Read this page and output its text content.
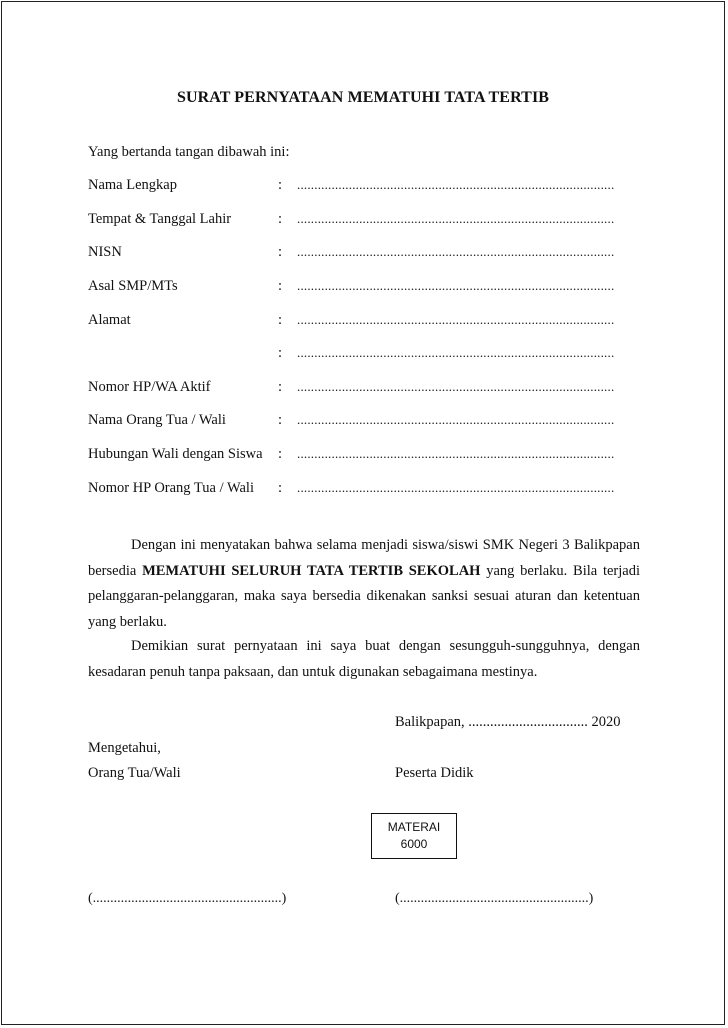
SURAT PERNYATAAN MEMATUHI TATA TERTIB
Yang bertanda tangan dibawah ini:
Nama Lengkap	: ............................................................................................
Tempat & Tanggal Lahir	: ............................................................................................
NISN	: ............................................................................................
Asal SMP/MTs	: ............................................................................................
Alamat	: ............................................................................................
: ............................................................................................
Nomor HP/WA Aktif	: ............................................................................................
Nama Orang Tua / Wali	: ............................................................................................
Hubungan Wali dengan Siswa : ............................................................................................
Nomor HP Orang Tua / Wali : ............................................................................................
Dengan ini menyatakan bahwa selama menjadi siswa/siswi SMK Negeri 3 Balikpapan bersedia MEMATUHI SELURUH TATA TERTIB SEKOLAH yang berlaku. Bila terjadi pelanggaran-pelanggaran, maka saya bersedia dikenakan sanksi sesuai aturan dan ketentuan yang berlaku.
Demikian surat pernyataan ini saya buat dengan sesungguh-sungguhnya, dengan kesadaran penuh tanpa paksaan, dan untuk digunakan sebagaimana mestinya.
Balikpapan, ................................. 2020
Mengetahui,
Orang Tua/Wali	Peserta Didik
MATERAI
6000
(......................................................)	(......................................................)
